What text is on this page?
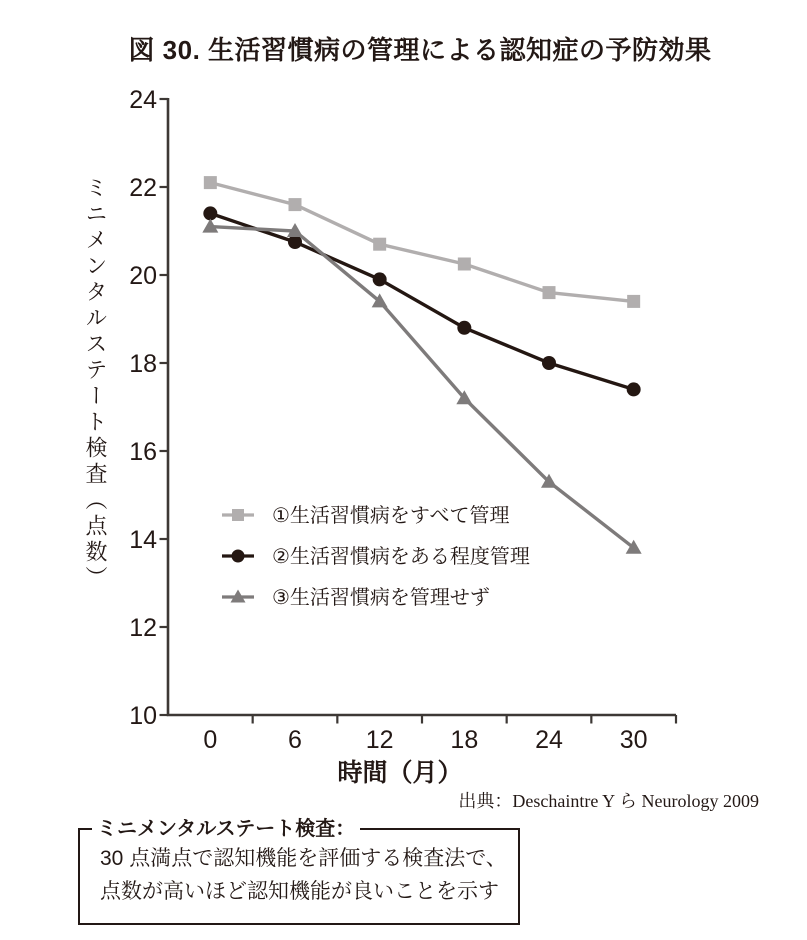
図 30. 生活習慣病の管理による認知症の予防効果
ミニメンタルステート検査（点数）
10
12
14
16
18
20
22
24
0	6	12 18 24 30
時間（月）
①生活習慣病をすべて管理
②生活習慣病をある程度管理
③生活習慣病を管理せず
出典：Deschaintre Y ら Neurology 2009
ミニメンタルステート検査：

30 点満点で認知機能を評価する検査法で、

点数が高いほど認知機能が良いことを示す
